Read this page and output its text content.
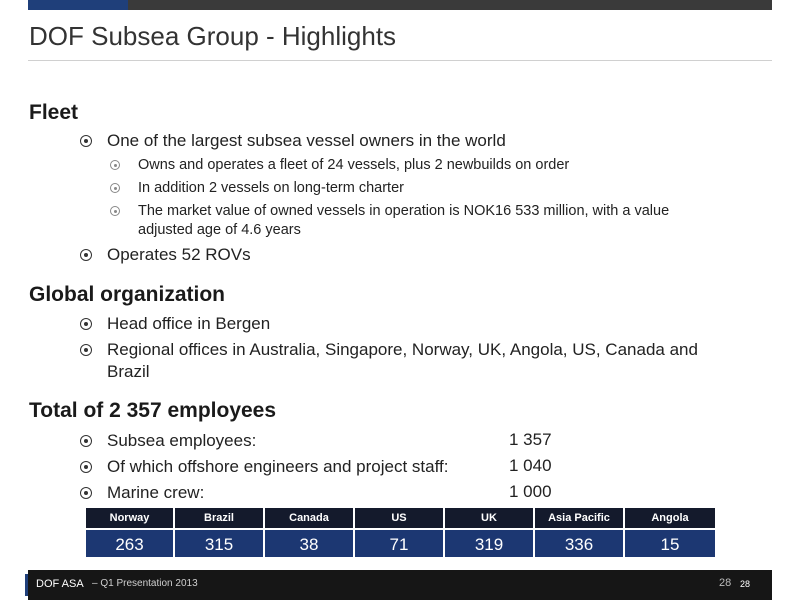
DOF Subsea Group - Highlights
Fleet
One of the largest subsea vessel owners in the world
Owns and operates a fleet of 24 vessels, plus 2 newbuilds on order
In addition 2 vessels on long-term charter
The market value of owned vessels in operation is NOK16 533 million, with a value
adjusted age of 4.6 years
Operates 52 ROVs
Global organization
Head office in Bergen
Regional offices in Australia, Singapore, Norway, UK, Angola, US, Canada and
Brazil
Total of 2 357 employees
Subsea employees:	1 357
Of which offshore engineers and project staff:	1 040
Marine crew:	1 000
Norway	Brazil	Canada	US	UK	Asia Pacific	Angola
263	315	38	71	319	336	15
DOF ASA – Q1 Presentation 2013	28 28
